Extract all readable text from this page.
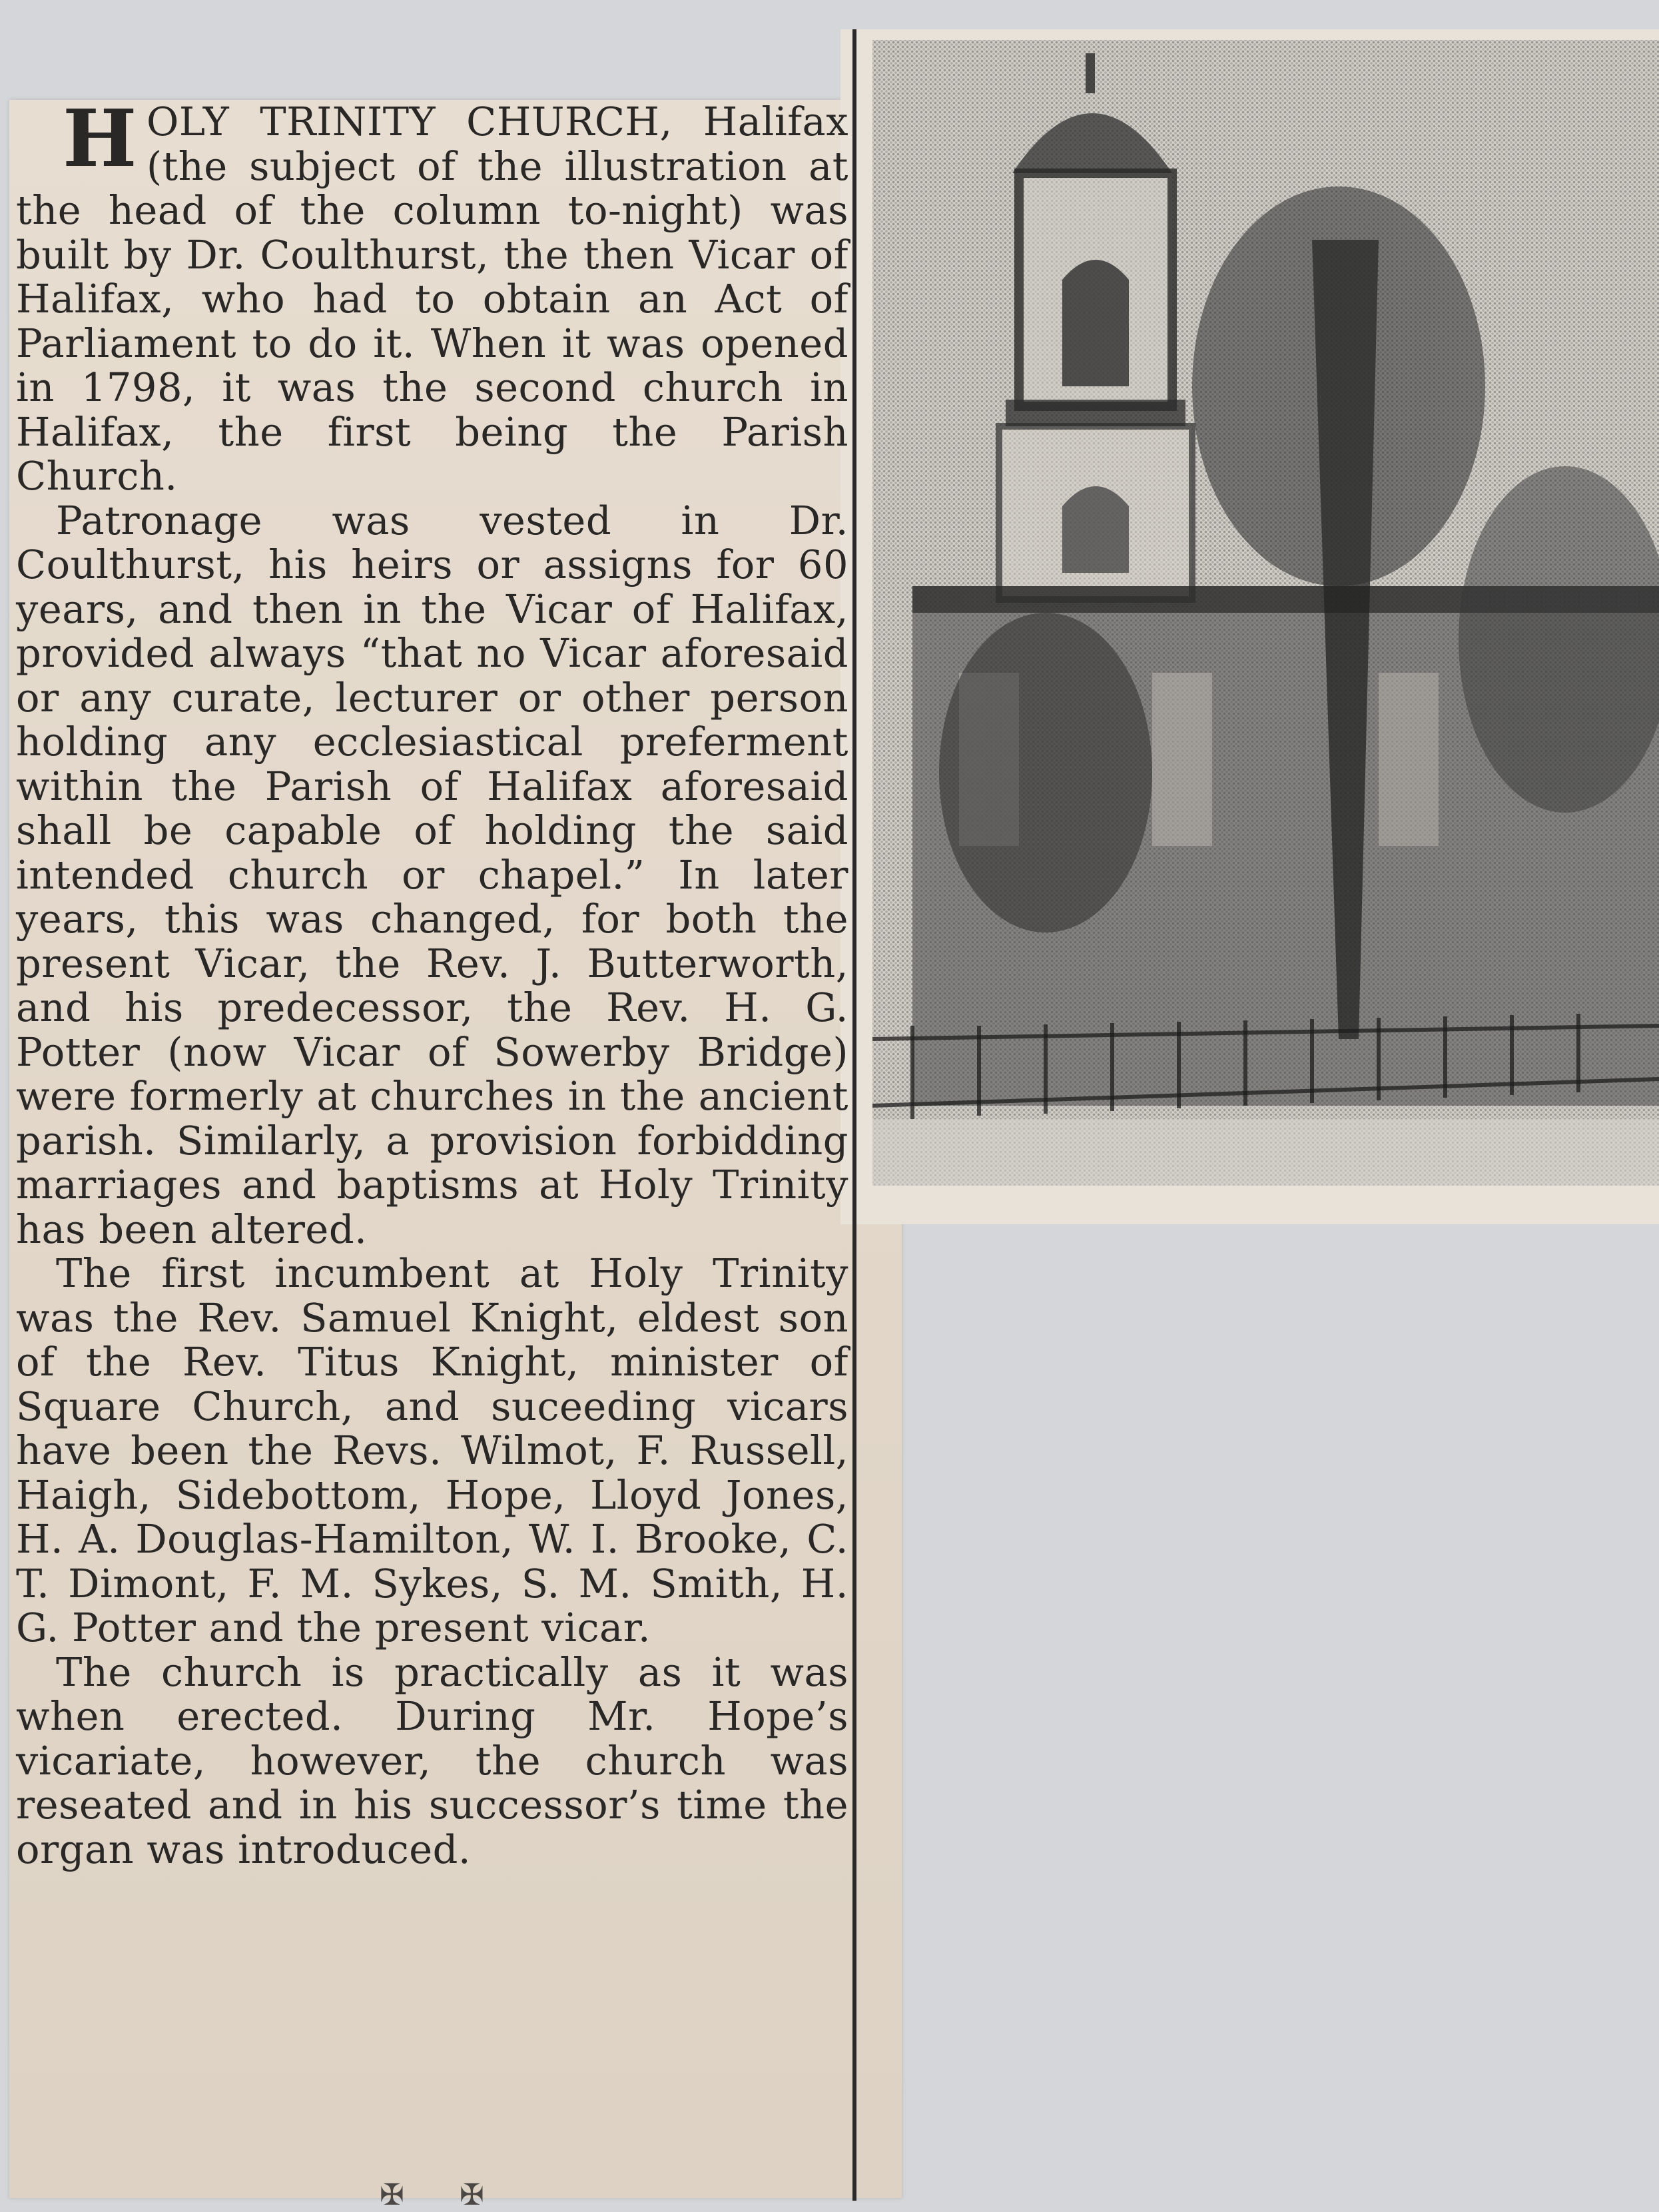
HOLY TRINITY CHURCH, Halifax (the subject of the illustration at the head of the column to-night) was built by Dr. Coulthurst, the then Vicar of Halifax, who had to obtain an Act of Parliament to do it. When it was opened in 1798, it was the second church in Halifax, the first being the Parish Church.

Patronage was vested in Dr. Coulthurst, his heirs or assigns for 60 years, and then in the Vicar of Halifax, provided always “that no Vicar aforesaid or any curate, lecturer or other person holding any ecclesiastical preferment within the Parish of Halifax aforesaid shall be capable of holding the said intended church or chapel.” In later years, this was changed, for both the present Vicar, the Rev. J. Butterworth, and his predecessor, the Rev. H. G. Potter (now Vicar of Sowerby Bridge) were formerly at churches in the ancient parish. Similarly, a provision forbidding marriages and baptisms at Holy Trinity has been altered.

The first incumbent at Holy Trinity was the Rev. Samuel Knight, eldest son of the Rev. Titus Knight, minister of Square Church, and suceeding vicars have been the Revs. Wilmot, F. Russell, Haigh, Sidebottom, Hope, Lloyd Jones, H. A. Douglas-Hamilton, W. I. Brooke, C. T. Dimont, F. M. Sykes, S. M. Smith, H. G. Potter and the present vicar.

The church is practically as it was when erected. During Mr. Hope’s vicariate, however, the church was reseated and in his successor’s time the organ was introduced.

✠ ✠
